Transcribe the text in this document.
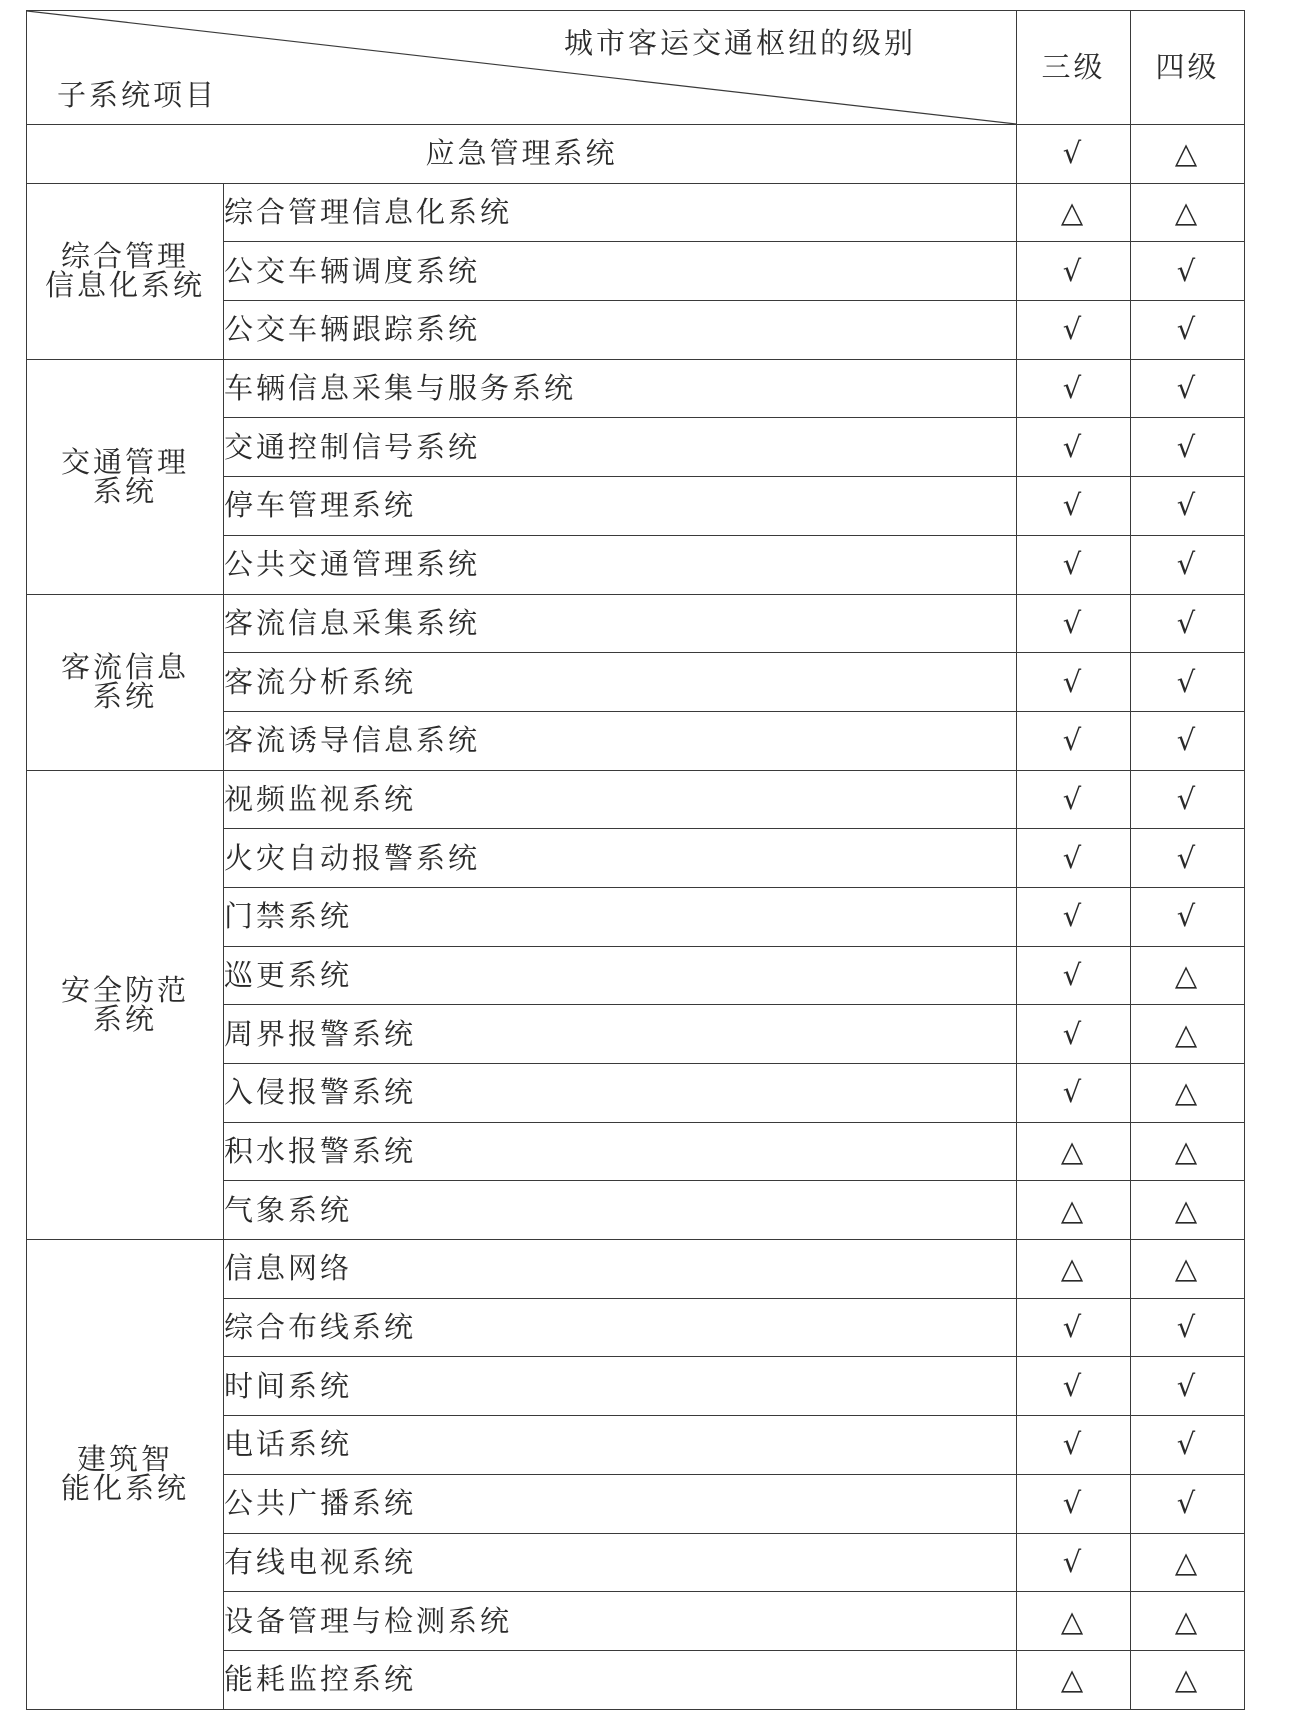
城市客运交通枢纽的级别
子系统项目		三级	四级
应急管理系统		√	△

综合管理
信息化系统	综合管理信息化系统	△	△
	公交车辆调度系统	√	√
	公交车辆跟踪系统	√	√

交通管理
系统	车辆信息采集与服务系统	√	√
	交通控制信号系统	√	√
	停车管理系统	√	√
	公共交通管理系统	√	√

客流信息
系统	客流信息采集系统	√	√
	客流分析系统	√	√
	客流诱导信息系统	√	√

安全防范
系统	视频监视系统	√	√
	火灾自动报警系统	√	√
	门禁系统	√	√
	巡更系统	√	△
	周界报警系统	√	△
	入侵报警系统	√	△
	积水报警系统	△	△
	气象系统	△	△

建筑智
能化系统	信息网络	△	△
	综合布线系统	√	√
	时间系统	√	√
	电话系统	√	√
	公共广播系统	√	√
	有线电视系统	√	△
	设备管理与检测系统	△	△
	能耗监控系统	△	△
